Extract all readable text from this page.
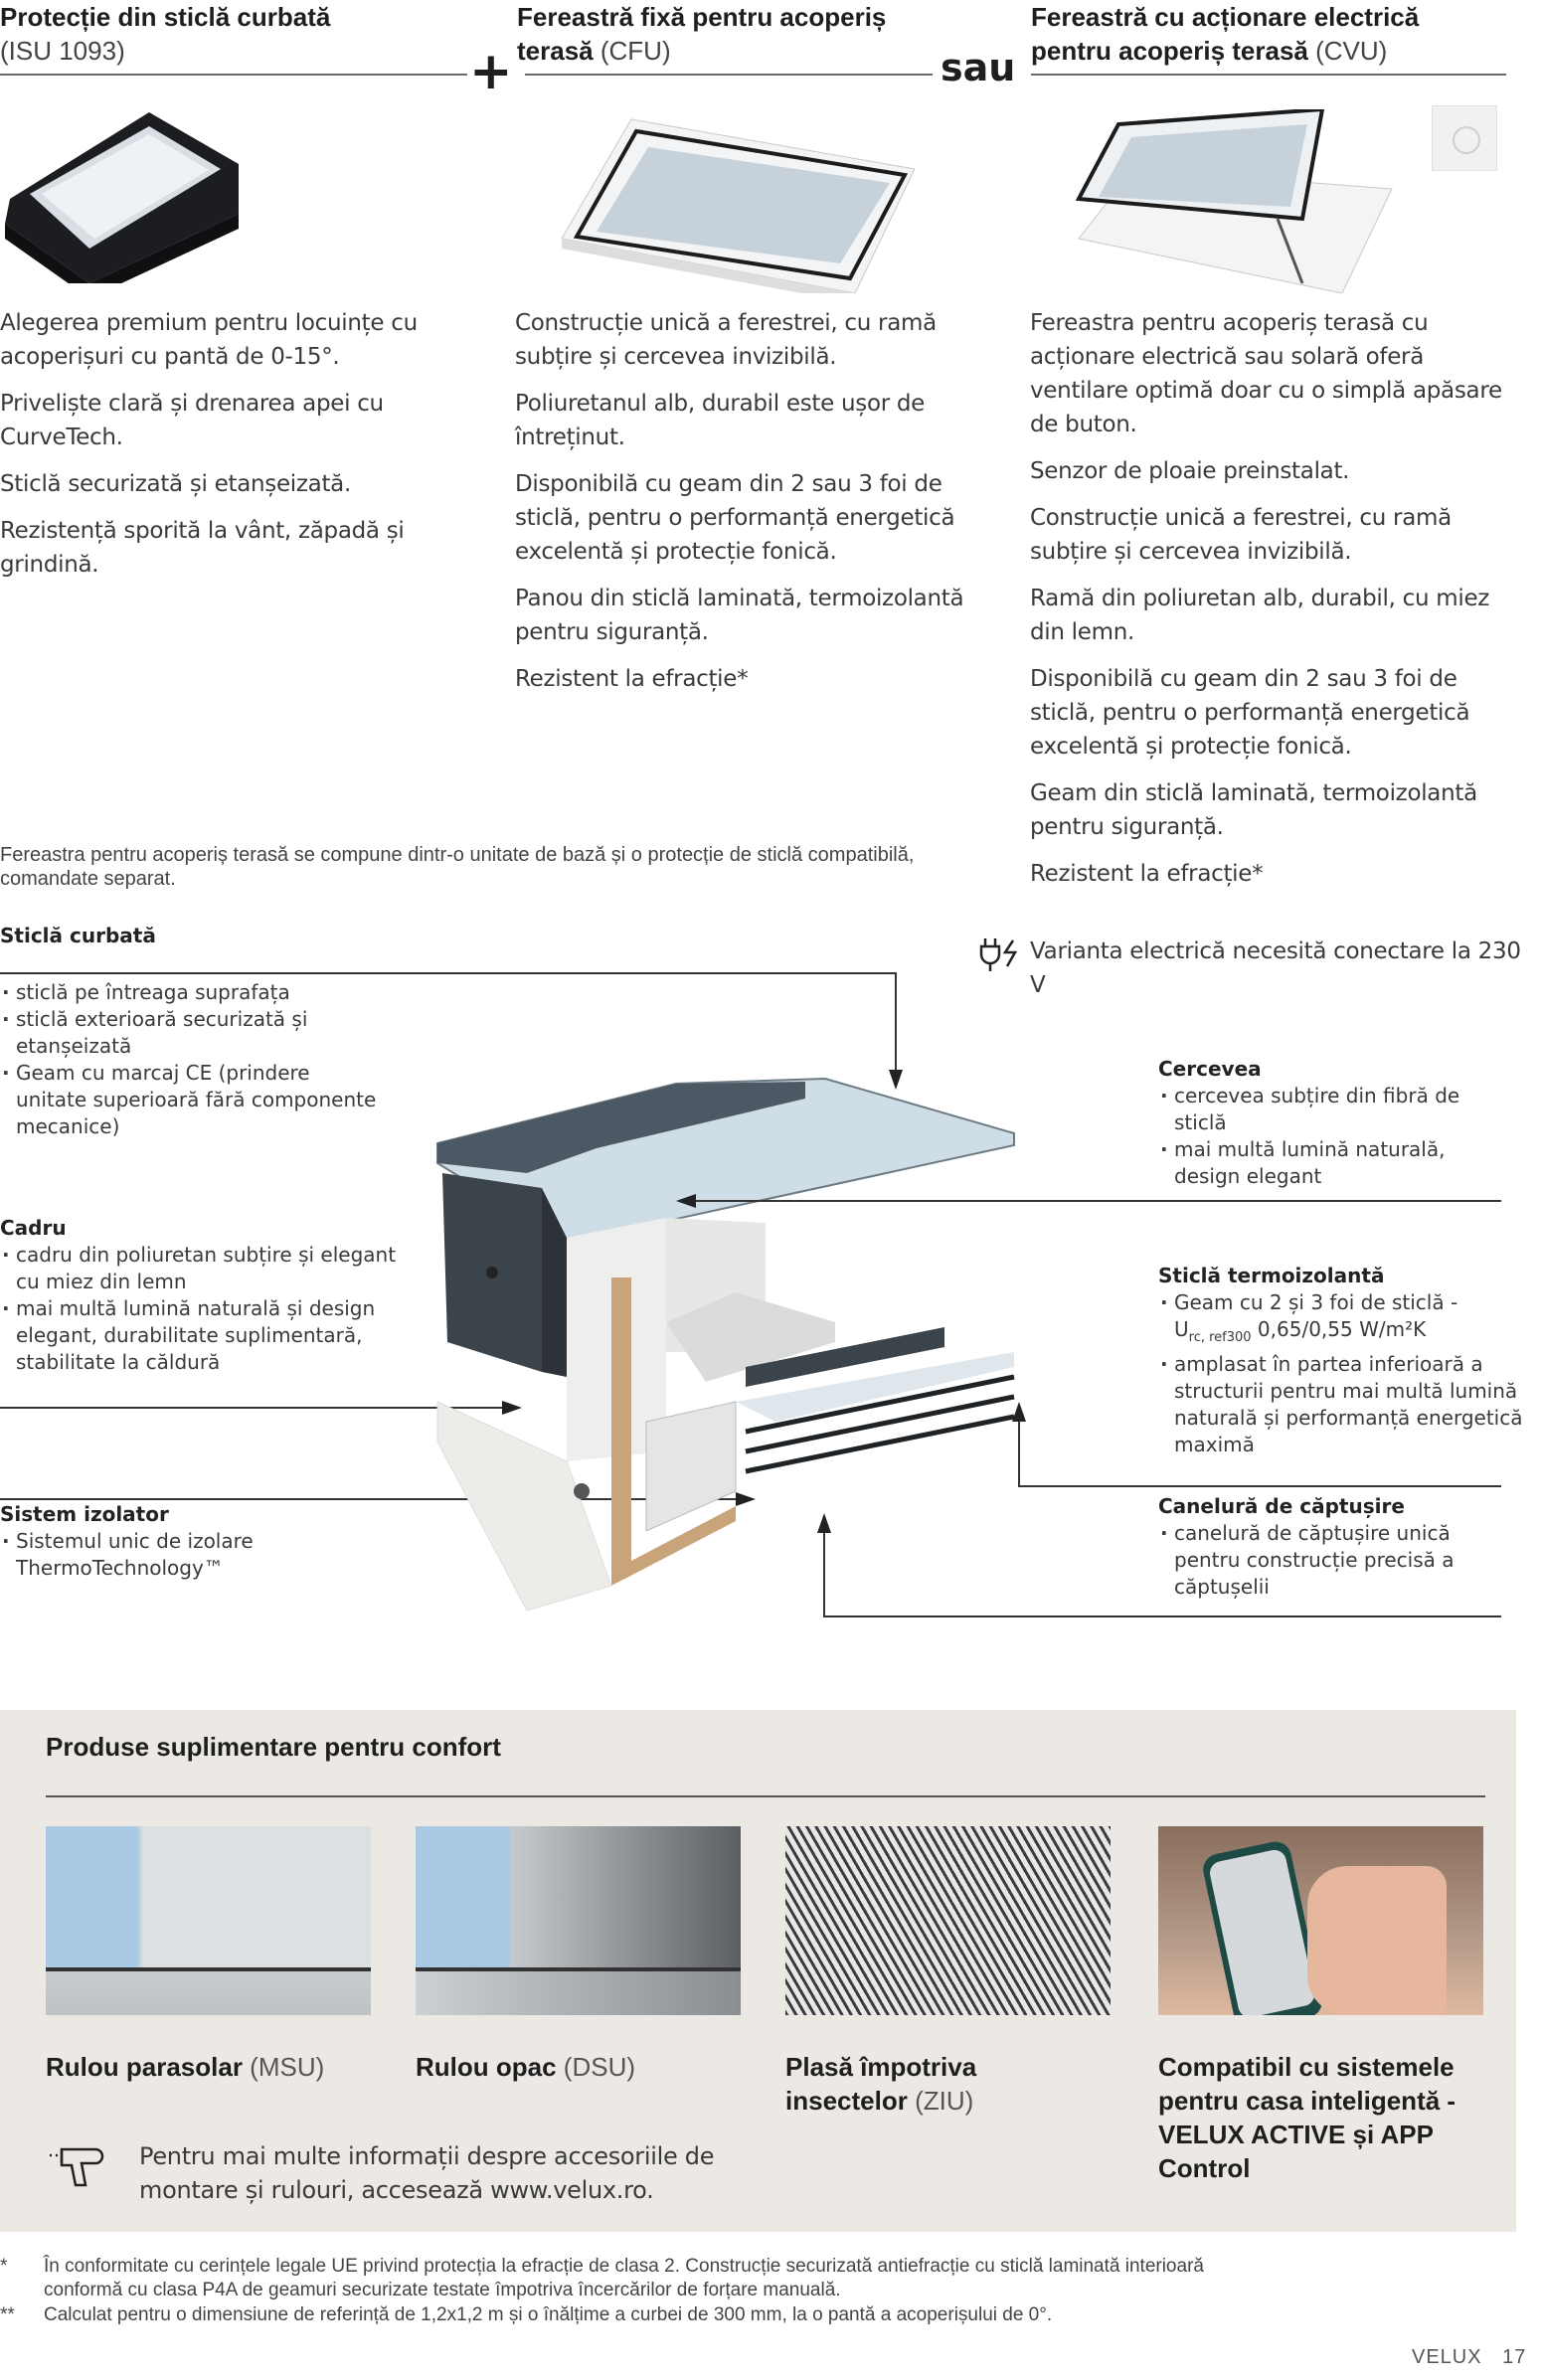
Protecție din sticlă curbată
(ISU 1093)	+
Fereastră fixă pentru acoperiș
terasă (CFU)	sau
Fereastră cu acționare electrică
pentru acoperiș terasă (CVU)

Alegerea premium pentru locuințe cu acoperișuri cu pantă de 0-15°.

Priveliște clară și drenarea apei cu CurveTech.

Sticlă securizată și etanșeizată.

Rezistență sporită la vânt, zăpadă și grindină.

Construcție unică a ferestrei, cu ramă subțire și cercevea invizibilă.

Poliuretanul alb, durabil este ușor de întreținut.

Disponibilă cu geam din 2 sau 3 foi de sticlă, pentru o performanță energetică excelentă și protecție fonică.

Panou din sticlă laminată, termoizolantă pentru siguranță.

Rezistent la efracție*

Fereastra pentru acoperiș terasă cu acționare electrică sau solară oferă ventilare optimă doar cu o simplă apăsare de buton.

Senzor de ploaie preinstalat.

Construcție unică a ferestrei, cu ramă subțire și cercevea invizibilă.

Ramă din poliuretan alb, durabil, cu miez din lemn.

Disponibilă cu geam din 2 sau 3 foi de sticlă, pentru o performanță energetică excelentă și protecție fonică.

Geam din sticlă laminată, termoizolantă pentru siguranță.

Rezistent la efracție*

Varianta electrică necesită conectare la 230 V

Fereastra pentru acoperiș terasă se compune dintr-o unitate de bază și o protecție de sticlă compatibilă, comandate separat.
Sticlă curbată
· sticlă pe întreaga suprafața
· sticlă exterioară securizată și etanșeizată
· Geam cu marcaj CE (prindere unitate superioară fără componente mecanice)
Cadru
· cadru din poliuretan subțire și elegant cu miez din lemn
· mai multă lumină naturală și design elegant, durabilitate suplimentară, stabilitate la căldură
Sistem izolator
· Sistemul unic de izolare ThermoTechnology™
Cercevea
· cercevea subțire din fibră de sticlă
· mai multă lumină naturală, design elegant
Sticlă termoizolantă
· Geam cu 2 și 3 foi de sticlă -
$U_{rc, ref300}$ 0,65/0,55 W/m²K
· amplasat în partea inferioară a structurii pentru mai multă lumină naturală și performanță energetică maximă
Canelură de căptușire
· canelură de căptușire unică pentru construcție precisă a căptușelii
Produse suplimentare pentru confort
Rulou parasolar (MSU)	Rulou opac (DSU)	Plasă împotriva insectelor (ZIU)
Compatibil cu sistemele pentru casa inteligentă - VELUX ACTIVE și APP Control
Pentru mai multe informații despre accesoriile de montare și rulouri, accesează www.velux.ro.
* În conformitate cu cerințele legale UE privind protecția la efracție de clasa 2. Construcție securizată antiefracție cu sticlă laminată interioară conformă cu clasa P4A de geamuri securizate testate împotriva încercărilor de forțare manuală.
** Calculat pentru o dimensiune de referință de 1,2x1,2 m și o înălțime a curbei de 300 mm, la o pantă a acoperișului de 0°.
VELUX 17
